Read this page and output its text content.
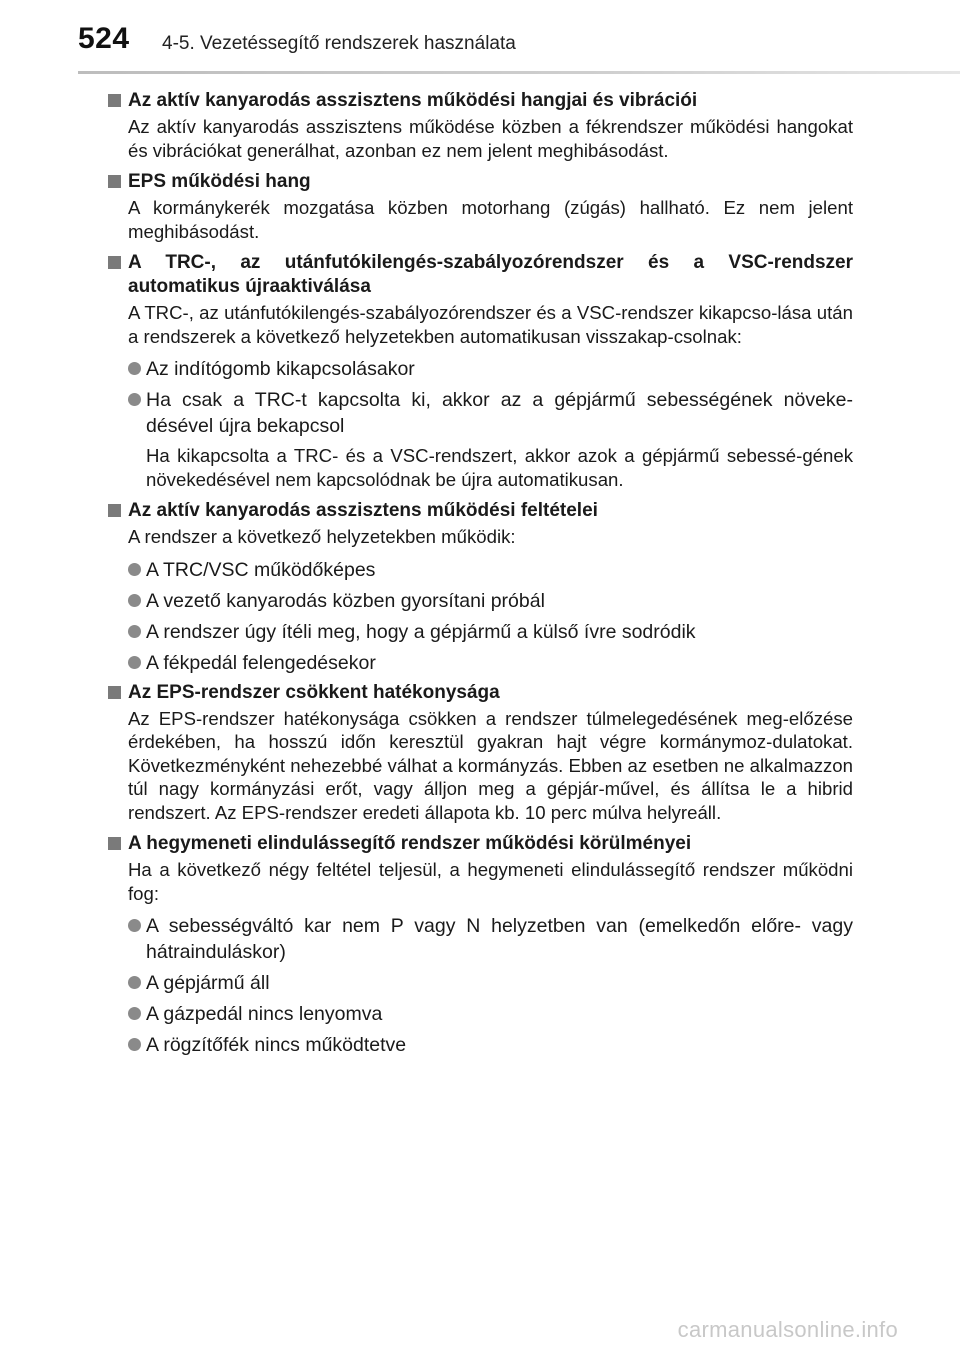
524 4-5. Vezetéssegítő rendszerek használata
Az aktív kanyarodás asszisztens működési hangjai és vibrációi
Az aktív kanyarodás asszisztens működése közben a fékrendszer működési hangokat és vibrációkat generálhat, azonban ez nem jelent meghibásodást.
EPS működési hang
A kormánykerék mozgatása közben motorhang (zúgás) hallható. Ez nem jelent meghibásodást.
A TRC-, az utánfutókilengés-szabályozórendszer és a VSC-rendszer automatikus újraaktiválása
A TRC-, az utánfutókilengés-szabályozórendszer és a VSC-rendszer kikapcso-lása után a rendszerek a következő helyzetekben automatikusan visszakap-csolnak:
Az indítógomb kikapcsolásakor
Ha csak a TRC-t kapcsolta ki, akkor az a gépjármű sebességének növeke-désével újra bekapcsol
Ha kikapcsolta a TRC- és a VSC-rendszert, akkor azok a gépjármű sebessé-gének növekedésével nem kapcsolódnak be újra automatikusan.
Az aktív kanyarodás asszisztens működési feltételei
A rendszer a következő helyzetekben működik:
A TRC/VSC működőképes
A vezető kanyarodás közben gyorsítani próbál
A rendszer úgy ítéli meg, hogy a gépjármű a külső ívre sodródik
A fékpedál felengedésekor
Az EPS-rendszer csökkent hatékonysága
Az EPS-rendszer hatékonysága csökken a rendszer túlmelegedésének meg-előzése érdekében, ha hosszú időn keresztül gyakran hajt végre kormánymoz-dulatokat. Következményként nehezebbé válhat a kormányzás. Ebben az esetben ne alkalmazzon túl nagy kormányzási erőt, vagy álljon meg a gépjár-művel, és állítsa le a hibrid rendszert. Az EPS-rendszer eredeti állapota kb. 10 perc múlva helyreáll.
A hegymeneti elindulássegítő rendszer működési körülményei
Ha a következő négy feltétel teljesül, a hegymeneti elindulássegítő rendszer működni fog:
A sebességváltó kar nem P vagy N helyzetben van (emelkedőn előre- vagy hátrainduláskor)
A gépjármű áll
A gázpedál nincs lenyomva
A rögzítőfék nincs működtetve
carmanualsonline.info
